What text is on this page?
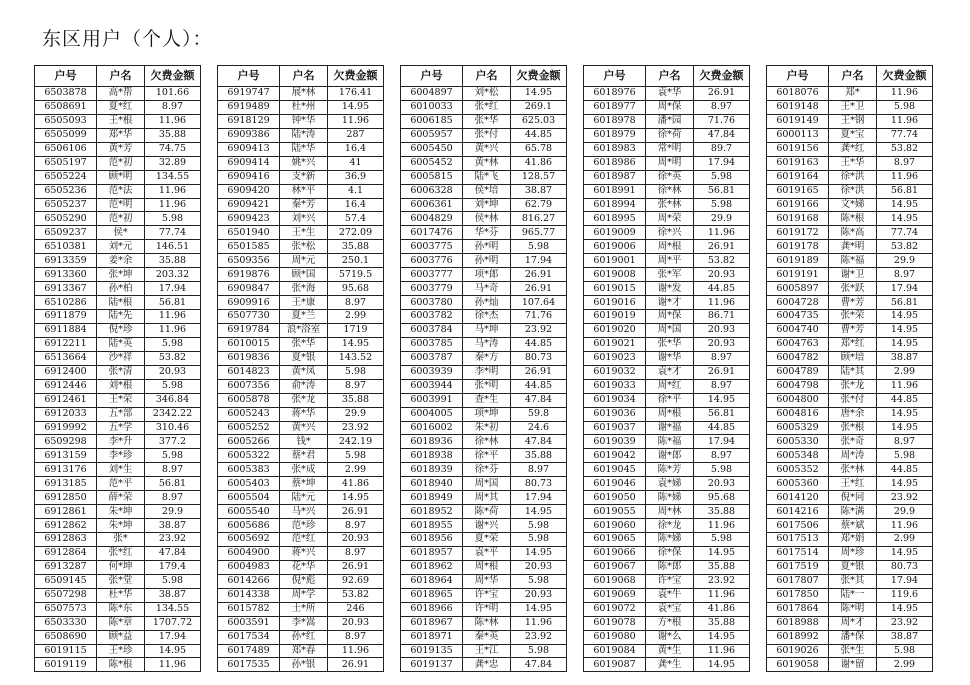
东区用户（个人）：
户号	户名	欠费金额
6503878	高*帮	101.66
6508691	夏*红	8.97
6505093	王*根	11.96
6505099	郑*华	35.88
6506106	黄*芳	74.75
6505197	范*初	32.89
6505224	顾*明	134.55
6505236	范*法	11.96
6505237	范*明	11.96
6505290	范*初	5.98
6509237	侯*	77.74
6510381	刘*元	146.51
6913359	姜*余	35.88
6913360	张*坤	203.32
6913367	孙*柏	17.94
6510286	陆*根	56.81
6911879	陆*先	11.96
6911884	倪*珍	11.96
6912211	陆*英	5.98
6513664	沙*祥	53.82
6912400	张*清	20.93
6912446	刘*根	5.98
6912461	王*荣	346.84
6912033	五*部	2342.22
6919992	五*学	310.46
6509298	李*升	377.2
6913159	李*珍	5.98
6913176	刘*生	8.97
6913185	范*平	56.81
6912850	薛*荣	8.97
6912861	朱*坤	29.9
6912862	朱*坤	38.87
6912863	张*	23.92
6912864	张*红	47.84
6913287	何*坤	179.4
6509145	张*堂	5.98
6507298	杜*华	38.87
6507573	陈*东	134.55
6503330	陈*章	1707.72
6508690	顾*益	17.94
6019115	王*珍	14.95
6019119	陈*根	11.96
户号	户名	欠费金额
6919747	展*林	176.41
6919489	杜*州	14.95
6918129	钟*华	11.96
6909386	陆*涛	287
6909413	陆*华	16.4
6909414	姚*兴	41
6909416	支*新	36.9
6909420	林*平	4.1
6909421	秦*芳	16.4
6909423	刘*兴	57.4
6501940	王*生	272.09
6501585	张*松	35.88
6509356	周*元	250.1
6919876	顾*国	5719.5
6909847	张*海	95.68
6909916	王*康	8.97
6507730	夏*兰	2.99
6919784	浪*浴室	1719
6010015	张*华	14.95
6019836	夏*银	143.52
6014823	黄*凤	5.98
6007356	俞*涛	8.97
6005878	张*龙	35.88
6005243	蒋*华	29.9
6005252	黄*兴	23.92
6005266	钱*	242.19
6005322	蔡*君	5.98
6005383	张*成	2.99
6005403	蔡*坤	41.86
6005504	陆*元	14.95
6005540	马*兴	26.91
6005686	范*珍	8.97
6005692	范*红	20.93
6004900	蒋*兴	8.97
6004983	花*华	26.91
6014266	倪*彪	92.69
6014338	周*学	53.82
6015782	土*所	246
6003591	李*嵩	20.93
6017534	孙*红	8.97
6017489	郑*春	11.96
6017535	孙*银	26.91
户号	户名	欠费金额
6004897	刘*松	14.95
6010033	张*红	269.1
6006185	张*华	625.03
6005957	张*付	44.85
6005450	黄*兴	65.78
6005452	黄*林	41.86
6005815	陆*飞	128.57
6006328	侯*培	38.87
6006361	刘*坤	62.79
6004829	侯*林	816.27
6017476	华*芬	965.77
6003775	孙*明	5.98
6003776	孙*明	17.94
6003777	项*郎	26.91
6003779	马*奇	26.91
6003780	孙*灿	107.64
6003782	徐*杰	71.76
6003784	马*坤	23.92
6003785	马*涛	44.85
6003787	秦*方	80.73
6003939	李*明	26.91
6003944	张*明	44.85
6003991	查*生	47.84
6004005	项*坤	59.8
6016002	朱*初	24.6
6018936	徐*林	47.84
6018938	徐*平	35.88
6018939	徐*芬	8.97
6018940	周*国	80.73
6018949	周*其	17.94
6018952	陈*荷	14.95
6018955	谢*兴	5.98
6018956	夏*荣	5.98
6018957	袁*平	14.95
6018962	周*根	20.93
6018964	周*华	5.98
6018965	许*宝	20.93
6018966	许*明	14.95
6018967	陈*林	11.96
6018971	秦*英	23.92
6019135	王*江	5.98
6019137	龚*忠	47.84
户号	户名	欠费金额
6018976	袁*华	26.91
6018977	周*保	8.97
6018978	潘*园	71.76
6018979	徐*荷	47.84
6018983	常*明	89.7
6018986	周*明	17.94
6018987	徐*英	5.98
6018991	徐*林	56.81
6018994	张*林	5.98
6018995	周*荣	29.9
6019009	徐*兴	11.96
6019006	周*根	26.91
6019001	周*平	53.82
6019008	张*军	20.93
6019015	谢*发	44.85
6019016	谢*才	11.96
6019019	周*保	86.71
6019020	周*国	20.93
6019021	张*华	20.93
6019023	谢*华	8.97
6019032	袁*才	26.91
6019033	周*红	8.97
6019034	徐*平	14.95
6019036	周*根	56.81
6019037	谢*福	44.85
6019039	陈*福	17.94
6019042	谢*郎	8.97
6019045	陈*芳	5.98
6019046	袁*娣	20.93
6019050	陈*娣	95.68
6019055	周*林	35.88
6019060	徐*龙	11.96
6019065	陈*娣	5.98
6019066	徐*保	14.95
6019067	陈*郎	35.88
6019068	许*宝	23.92
6019069	袁*牛	11.96
6019072	袁*宝	41.86
6019078	方*根	35.88
6019080	谢*么	14.95
6019084	黄*生	11.96
6019087	龚*生	14.95
户号	户名	欠费金额
6018076	郑*	11.96
6019148	王*卫	5.98
6019149	王*钢	11.96
6000113	夏*宝	77.74
6019156	龚*红	53.82
6019163	王*华	8.97
6019164	徐*洪	11.96
6019165	徐*洪	56.81
6019166	文*娣	14.95
6019168	陈*根	14.95
6019172	陈*高	77.74
6019178	龚*明	53.82
6019189	陈*福	29.9
6019191	谢*卫	8.97
6005897	张*跃	17.94
6004728	曹*芳	56.81
6004735	张*荣	14.95
6004740	曹*芳	14.95
6004763	郑*红	14.95
6004782	顾*培	38.87
6004789	陆*其	2.99
6004798	张*龙	11.96
6004800	张*付	44.85
6004816	唐*余	14.95
6005329	张*根	14.95
6005330	张*奇	8.97
6005348	周*涛	5.98
6005352	张*林	44.85
6005360	王*红	14.95
6014120	倪*同	23.92
6014216	陈*满	29.9
6017506	蔡*斌	11.96
6017513	郑*娟	2.99
6017514	周*珍	14.95
6017519	夏*银	80.73
6017807	张*其	17.94
6017850	陆*一	119.6
6017864	陈*明	14.95
6018988	周*才	23.92
6018992	潘*保	38.87
6019026	张*生	5.98
6019058	谢*留	2.99
